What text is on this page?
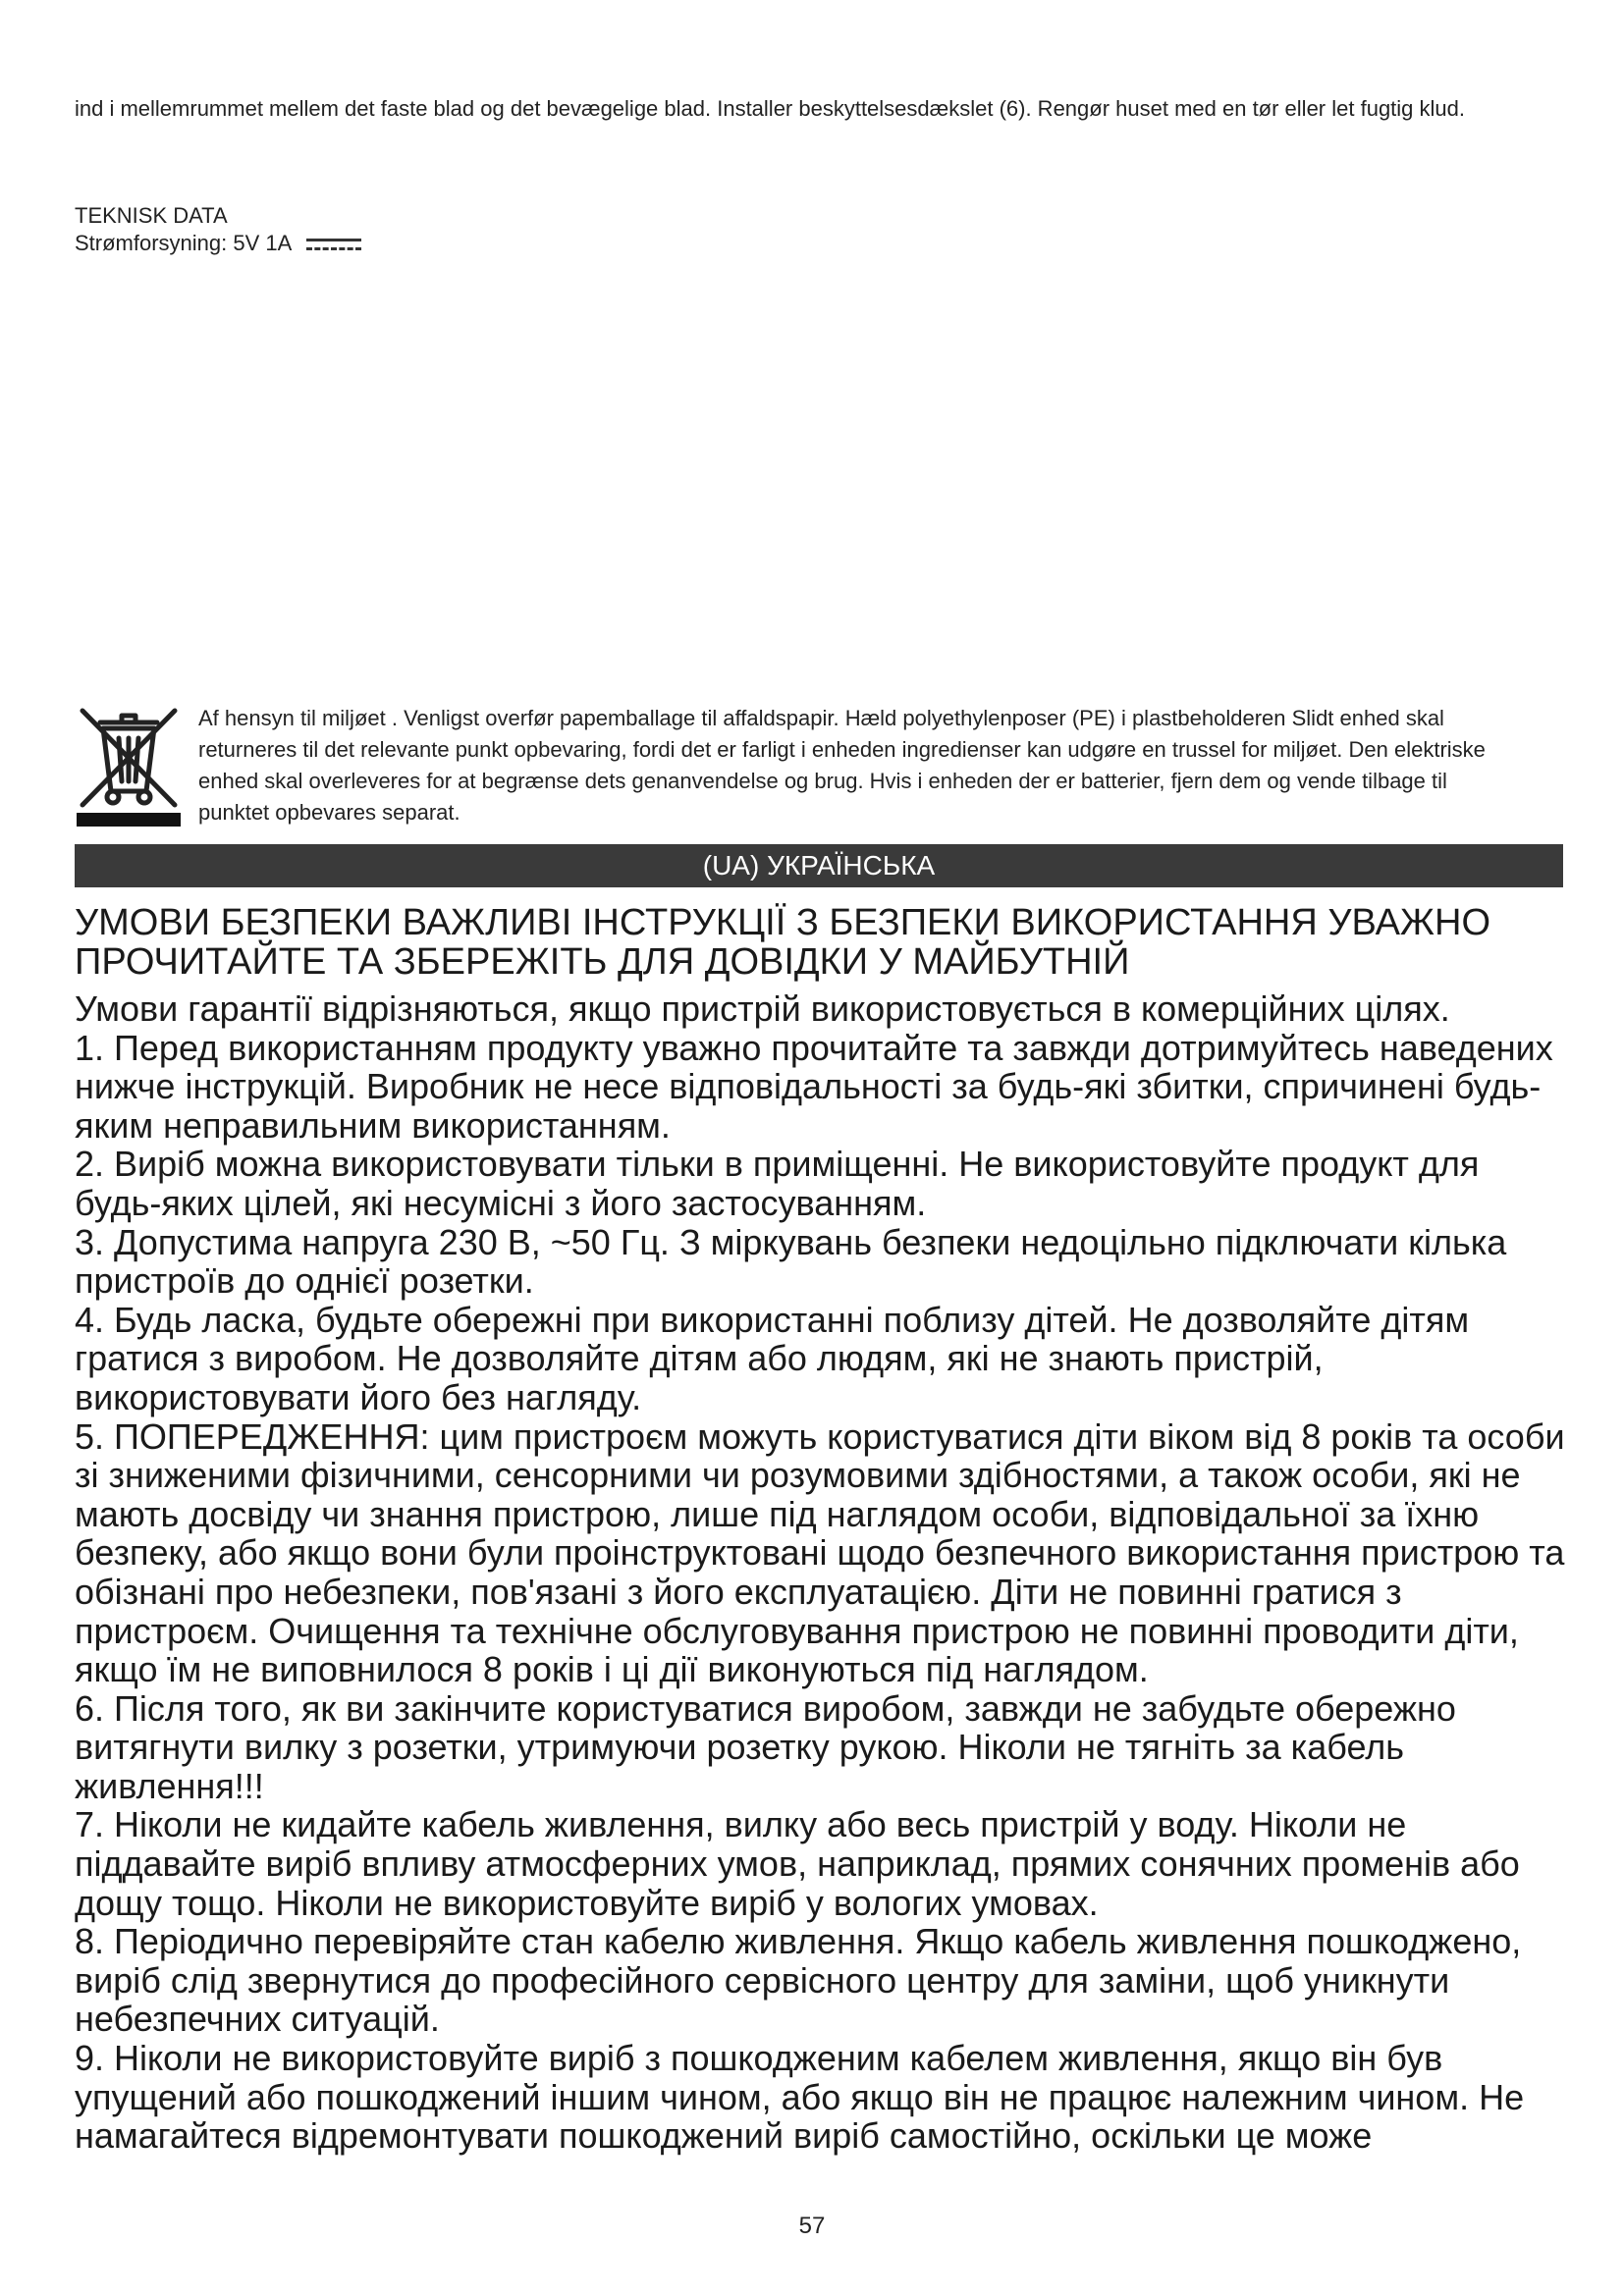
ind i mellemrummet mellem det faste blad og det bevægelige blad. Installer beskyttelsesdækslet (6). Rengør huset med en tør eller let fugtig klud.
TEKNISK DATA
Strømforsyning: 5V 1A
Af hensyn til miljøet . Venligst overfør papemballage til affaldspapir. Hæld polyethylenposer (PE) i plastbeholderen Slidt enhed skal returneres til det relevante punkt opbevaring, fordi det er farligt i enheden ingredienser kan udgøre en trussel for miljøet. Den elektriske enhed skal overleveres for at begrænse dets genanvendelse og brug. Hvis i enheden der er batterier, fjern dem og vende tilbage til punktet opbevares separat.
(UA) УКРАЇНСЬКА
УМОВИ БЕЗПЕКИ ВАЖЛИВІ ІНСТРУКЦІЇ З БЕЗПЕКИ ВИКОРИСТАННЯ УВАЖНО ПРОЧИТАЙТЕ ТА ЗБЕРЕЖІТЬ ДЛЯ ДОВІДКИ У МАЙБУТНІЙ

Умови гарантії відрізняються, якщо пристрій використовується в комерційних цілях.

1. Перед використанням продукту уважно прочитайте та завжди дотримуйтесь наведених нижче інструкцій. Виробник не несе відповідальності за будь-які збитки, спричинені будь-яким неправильним використанням.

2. Виріб можна використовувати тільки в приміщенні. Не використовуйте продукт для будь-яких цілей, які несумісні з його застосуванням.

3. Допустима напруга 230 В, ~50 Гц. З міркувань безпеки недоцільно підключати кілька пристроїв до однієї розетки.

4. Будь ласка, будьте обережні при використанні поблизу дітей. Не дозволяйте дітям гратися з виробом. Не дозволяйте дітям або людям, які не знають пристрій, використовувати його без нагляду.

5. ПОПЕРЕДЖЕННЯ: цим пристроєм можуть користуватися діти віком від 8 років та особи зі зниженими фізичними, сенсорними чи розумовими здібностями, а також особи, які не мають досвіду чи знання пристрою, лише під наглядом особи, відповідальної за їхню безпеку, або якщо вони були проінструктовані щодо безпечного використання пристрою та обізнані про небезпеки, пов'язані з його експлуатацією. Діти не повинні гратися з пристроєм. Очищення та технічне обслуговування пристрою не повинні проводити діти, якщо їм не виповнилося 8 років і ці дії виконуються під наглядом.

6. Після того, як ви закінчите користуватися виробом, завжди не забудьте обережно витягнути вилку з розетки, утримуючи розетку рукою. Ніколи не тягніть за кабель живлення!!!

7. Ніколи не кидайте кабель живлення, вилку або весь пристрій у воду. Ніколи не піддавайте виріб впливу атмосферних умов, наприклад, прямих сонячних променів або дощу тощо. Ніколи не використовуйте виріб у вологих умовах.

8. Періодично перевіряйте стан кабелю живлення. Якщо кабель живлення пошкоджено, виріб слід звернутися до професійного сервісного центру для заміни, щоб уникнути небезпечних ситуацій.

9. Ніколи не використовуйте виріб з пошкодженим кабелем живлення, якщо він був упущений або пошкоджений іншим чином, або якщо він не працює належним чином. Не намагайтеся відремонтувати пошкоджений виріб самостійно, оскільки це може

57
